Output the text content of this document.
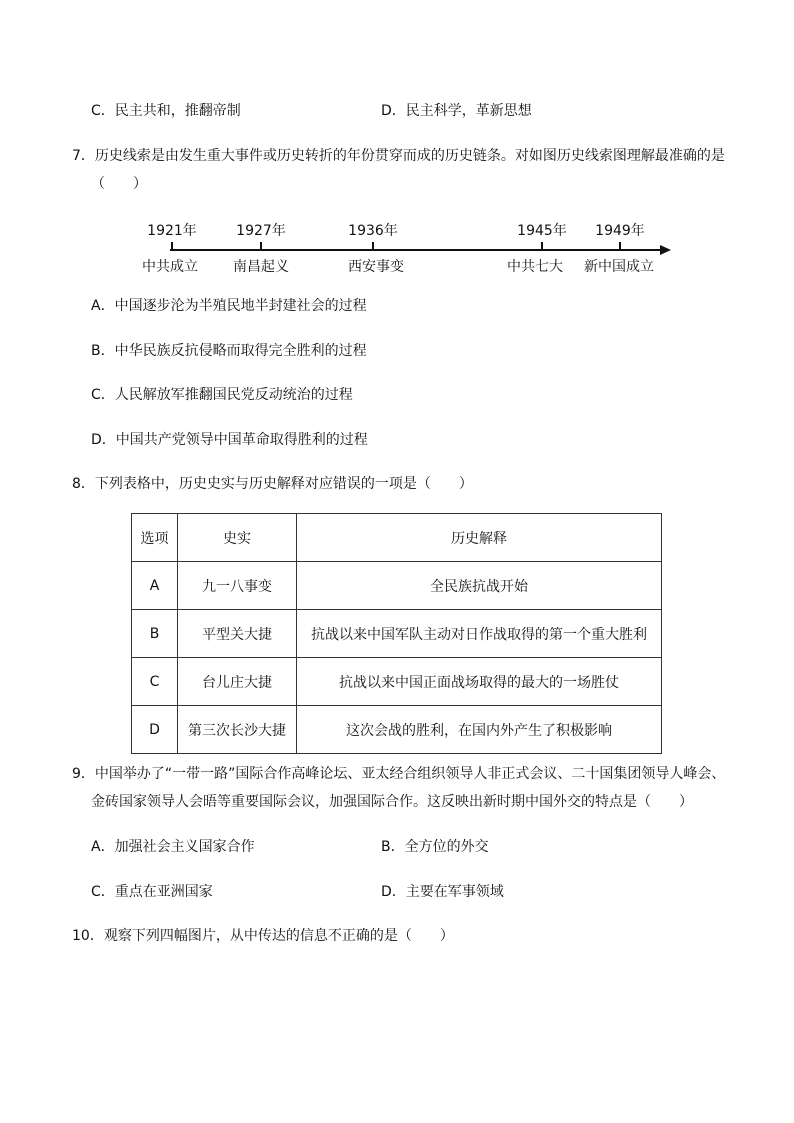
C．民主共和，推翻帝制	D．民主科学，革新思想
7．历史线索是由发生重大事件或历史转折的年份贯穿而成的历史链条。对如图历史线索图理解最准确的是
（　　）
1921年	1927年	1936年	1945年 1949年
中共成立	南昌起义	西安事变	中共七大 新中国成立
A．中国逐步沦为半殖民地半封建社会的过程
B．中华民族反抗侵略而取得完全胜利的过程
C．人民解放军推翻国民党反动统治的过程
D．中国共产党领导中国革命取得胜利的过程
8．下列表格中，历史史实与历史解释对应错误的一项是（　　）
选项	史实	历史解释
A	九一八事变	全民族抗战开始
B	平型关大捷	抗战以来中国军队主动对日作战取得的第一个重大胜利
C	台儿庄大捷	抗战以来中国正面战场取得的最大的一场胜仗
D	第三次长沙大捷	这次会战的胜利，在国内外产生了积极影响
9．中国举办了“一带一路”国际合作高峰论坛、亚太经合组织领导人非正式会议、二十国集团领导人峰会、
金砖国家领导人会晤等重要国际会议，加强国际合作。这反映出新时期中国外交的特点是（　　）
A．加强社会主义国家合作	B．全方位的外交
C．重点在亚洲国家	D．主要在军事领域
10．观察下列四幅图片，从中传达的信息不正确的是（　　）
